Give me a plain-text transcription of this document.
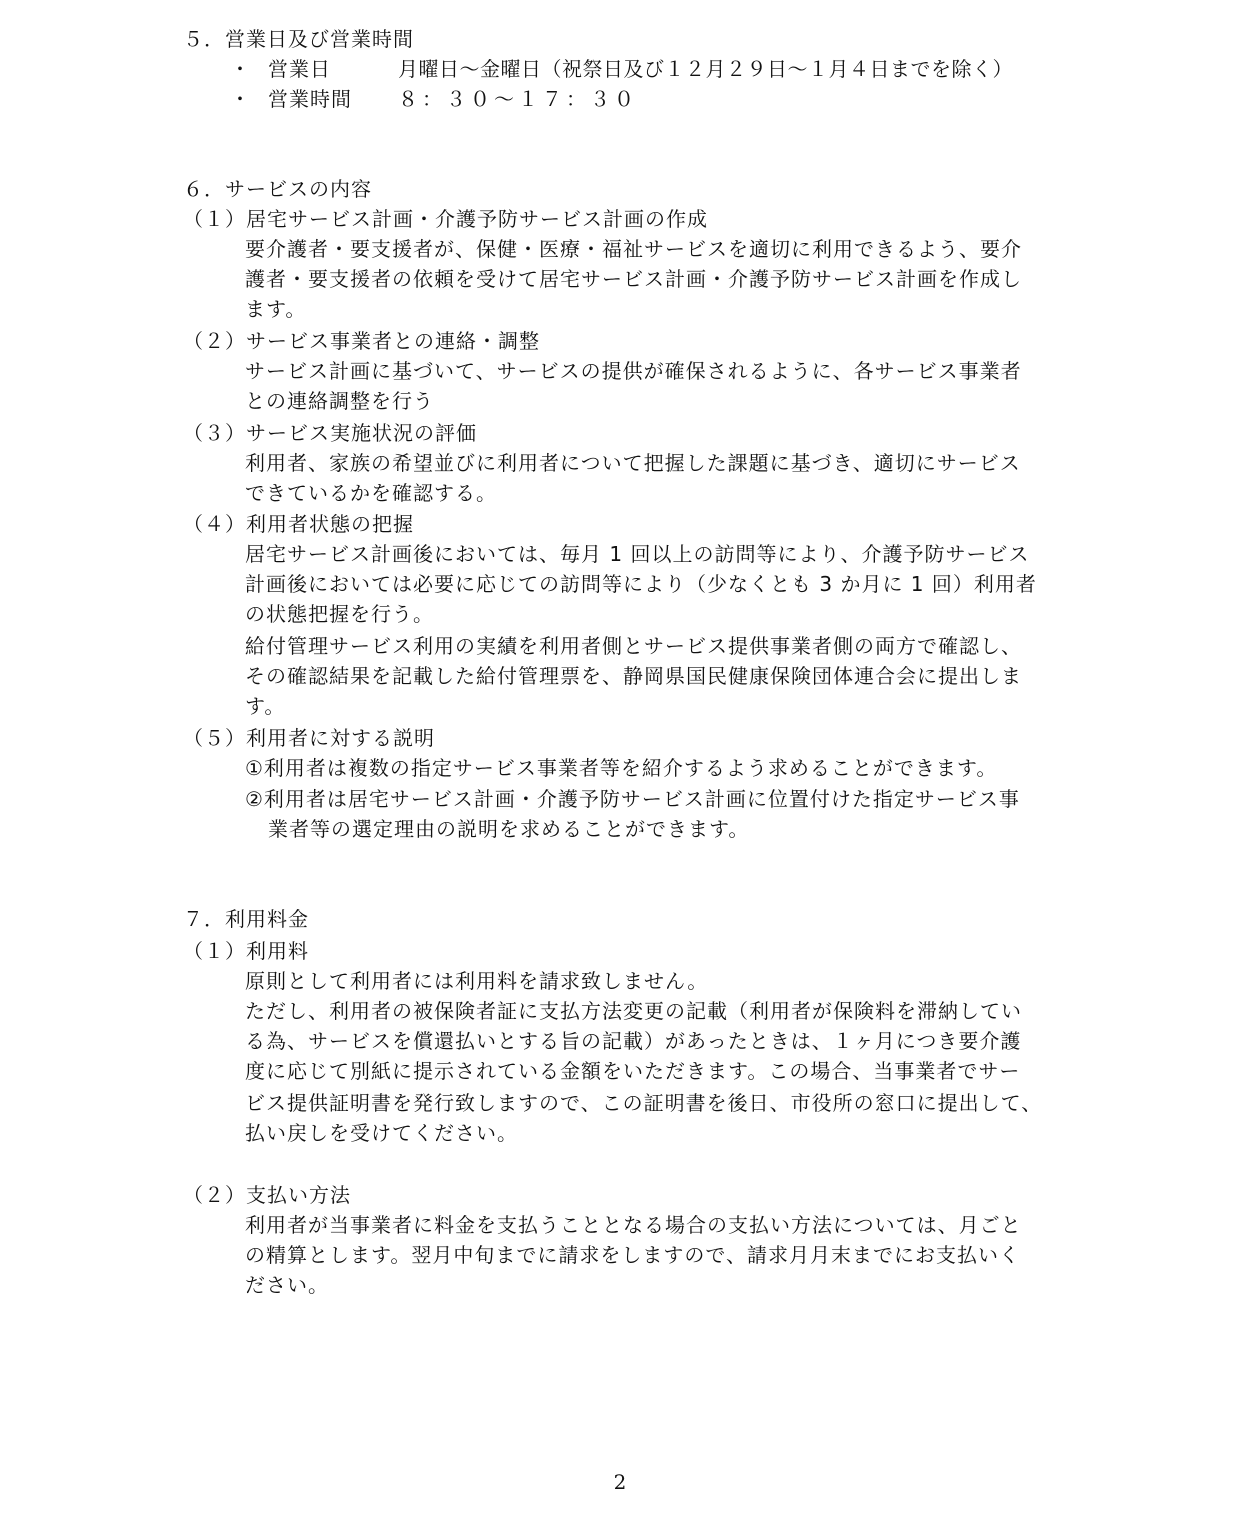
５．営業日及び営業時間
・ 営業日	月曜日～金曜日（祝祭日及び１２月２９日～１月４日までを除く）
・ 営業時間 ８：３０～１７：３０
６．サービスの内容
（１）居宅サービス計画・介護予防サービス計画の作成
要介護者・要支援者が、保健・医療・福祉サービスを適切に利用できるよう、要介
護者・要支援者の依頼を受けて居宅サービス計画・介護予防サービス計画を作成し
ます。
（２）サービス事業者との連絡・調整
サービス計画に基づいて、サービスの提供が確保されるように、各サービス事業者
との連絡調整を行う
（３）サービス実施状況の評価
利用者、家族の希望並びに利用者について把握した課題に基づき、適切にサービス
できているかを確認する。
（４）利用者状態の把握
居宅サービス計画後においては、毎月 1 回以上の訪問等により、介護予防サービス
計画後においては必要に応じての訪問等により（少なくとも 3 か月に 1 回）利用者
の状態把握を行う。
給付管理サービス利用の実績を利用者側とサービス提供事業者側の両方で確認し、
その確認結果を記載した給付管理票を、静岡県国民健康保険団体連合会に提出しま
す。
（５）利用者に対する説明
①利用者は複数の指定サービス事業者等を紹介するよう求めることができます。
②利用者は居宅サービス計画・介護予防サービス計画に位置付けた指定サービス事
業者等の選定理由の説明を求めることができます。
７．利用料金
（１）利用料
原則として利用者には利用料を請求致しません。
ただし、利用者の被保険者証に支払方法変更の記載（利用者が保険料を滞納してい
る為、サービスを償還払いとする旨の記載）があったときは、１ヶ月につき要介護
度に応じて別紙に提示されている金額をいただきます。この場合、当事業者でサー
ビス提供証明書を発行致しますので、この証明書を後日、市役所の窓口に提出して、
払い戻しを受けてください。
（２）支払い方法
利用者が当事業者に料金を支払うこととなる場合の支払い方法については、月ごと
の精算とします。翌月中旬までに請求をしますので、請求月月末までにお支払いく
ださい。
2
